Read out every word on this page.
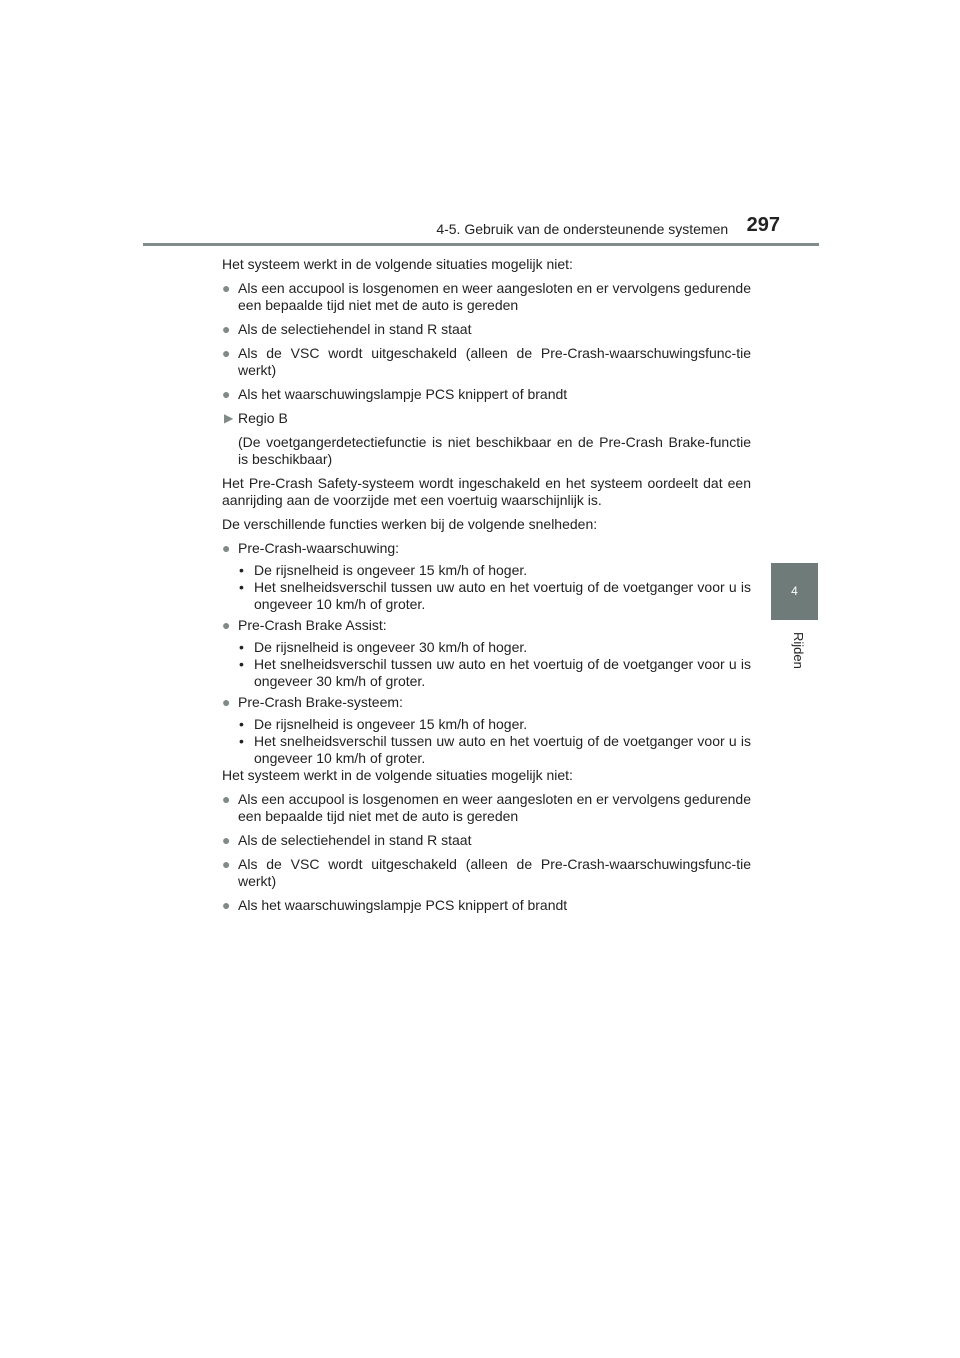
4-5. Gebruik van de ondersteunende systemen 297
4
Rijden

Het systeem werkt in de volgende situaties mogelijk niet:

● Als een accupool is losgenomen en weer aangesloten en er vervolgens gedurende een bepaalde tijd niet met de auto is gereden
● Als de selectiehendel in stand R staat
● Als de VSC wordt uitgeschakeld (alleen de Pre-Crash-waarschuwingsfunc-tie werkt)
● Als het waarschuwingslampje PCS knippert of brandt
▶ Regio B

(De voetgangerdetectiefunctie is niet beschikbaar en de Pre-Crash Brake-functie is beschikbaar)

Het Pre-Crash Safety-systeem wordt ingeschakeld en het systeem oordeelt dat een aanrijding aan de voorzijde met een voertuig waarschijnlijk is.

De verschillende functies werken bij de volgende snelheden:

● Pre-Crash-waarschuwing:
• De rijsnelheid is ongeveer 15 km/h of hoger.
• Het snelheidsverschil tussen uw auto en het voertuig of de voetganger voor u is ongeveer 10 km/h of groter.
● Pre-Crash Brake Assist:
• De rijsnelheid is ongeveer 30 km/h of hoger.
• Het snelheidsverschil tussen uw auto en het voertuig of de voetganger voor u is ongeveer 30 km/h of groter.
● Pre-Crash Brake-systeem:
• De rijsnelheid is ongeveer 15 km/h of hoger.
• Het snelheidsverschil tussen uw auto en het voertuig of de voetganger voor u is ongeveer 10 km/h of groter.

Het systeem werkt in de volgende situaties mogelijk niet:

● Als een accupool is losgenomen en weer aangesloten en er vervolgens gedurende een bepaalde tijd niet met de auto is gereden
● Als de selectiehendel in stand R staat
● Als de VSC wordt uitgeschakeld (alleen de Pre-Crash-waarschuwingsfunc-tie werkt)
● Als het waarschuwingslampje PCS knippert of brandt
